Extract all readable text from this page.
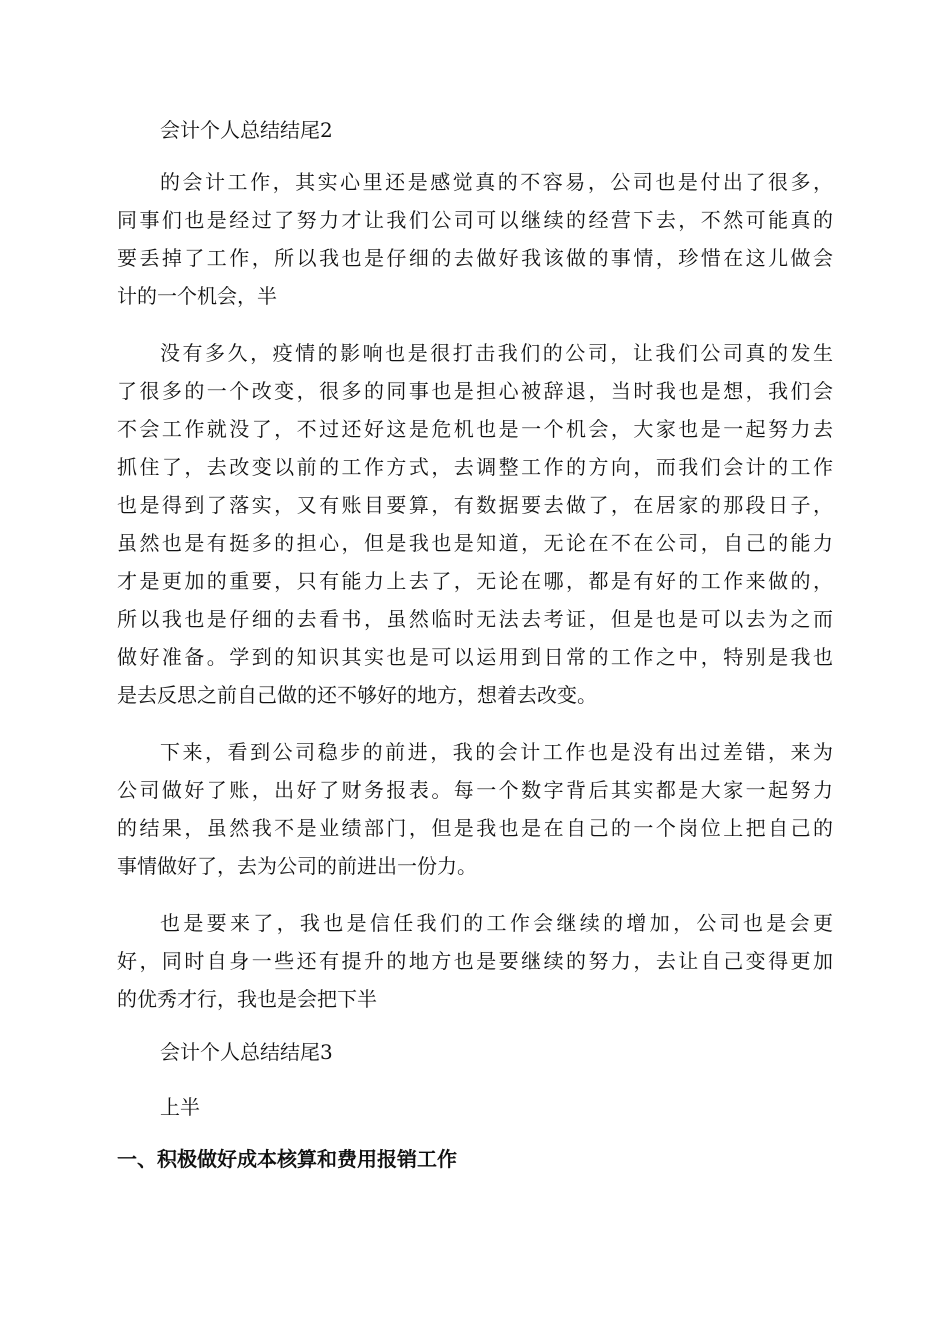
会计个人总结结尾2
的会计工作，其实心里还是感觉真的不容易，公司也是付出了很多，
同事们也是经过了努力才让我们公司可以继续的经营下去，不然可能真的
要丢掉了工作，所以我也是仔细的去做好我该做的事情，珍惜在这儿做会
计的一个机会，半
没有多久，疫情的影响也是很打击我们的公司，让我们公司真的发生
了很多的一个改变，很多的同事也是担心被辞退，当时我也是想，我们会
不会工作就没了，不过还好这是危机也是一个机会，大家也是一起努力去
抓住了，去改变以前的工作方式，去调整工作的方向，而我们会计的工作
也是得到了落实，又有账目要算，有数据要去做了，在居家的那段日子，
虽然也是有挺多的担心，但是我也是知道，无论在不在公司，自己的能力
才是更加的重要，只有能力上去了，无论在哪，都是有好的工作来做的，
所以我也是仔细的去看书，虽然临时无法去考证，但是也是可以去为之而
做好准备。学到的知识其实也是可以运用到日常的工作之中，特别是我也
是去反思之前自己做的还不够好的地方，想着去改变。
下来，看到公司稳步的前进，我的会计工作也是没有出过差错，来为
公司做好了账，出好了财务报表。每一个数字背后其实都是大家一起努力
的结果，虽然我不是业绩部门，但是我也是在自己的一个岗位上把自己的
事情做好了，去为公司的前进出一份力。
也是要来了，我也是信任我们的工作会继续的增加，公司也是会更
好，同时自身一些还有提升的地方也是要继续的努力，去让自己变得更加
的优秀才行，我也是会把下半
会计个人总结结尾3
上半
一、积极做好成本核算和费用报销工作
